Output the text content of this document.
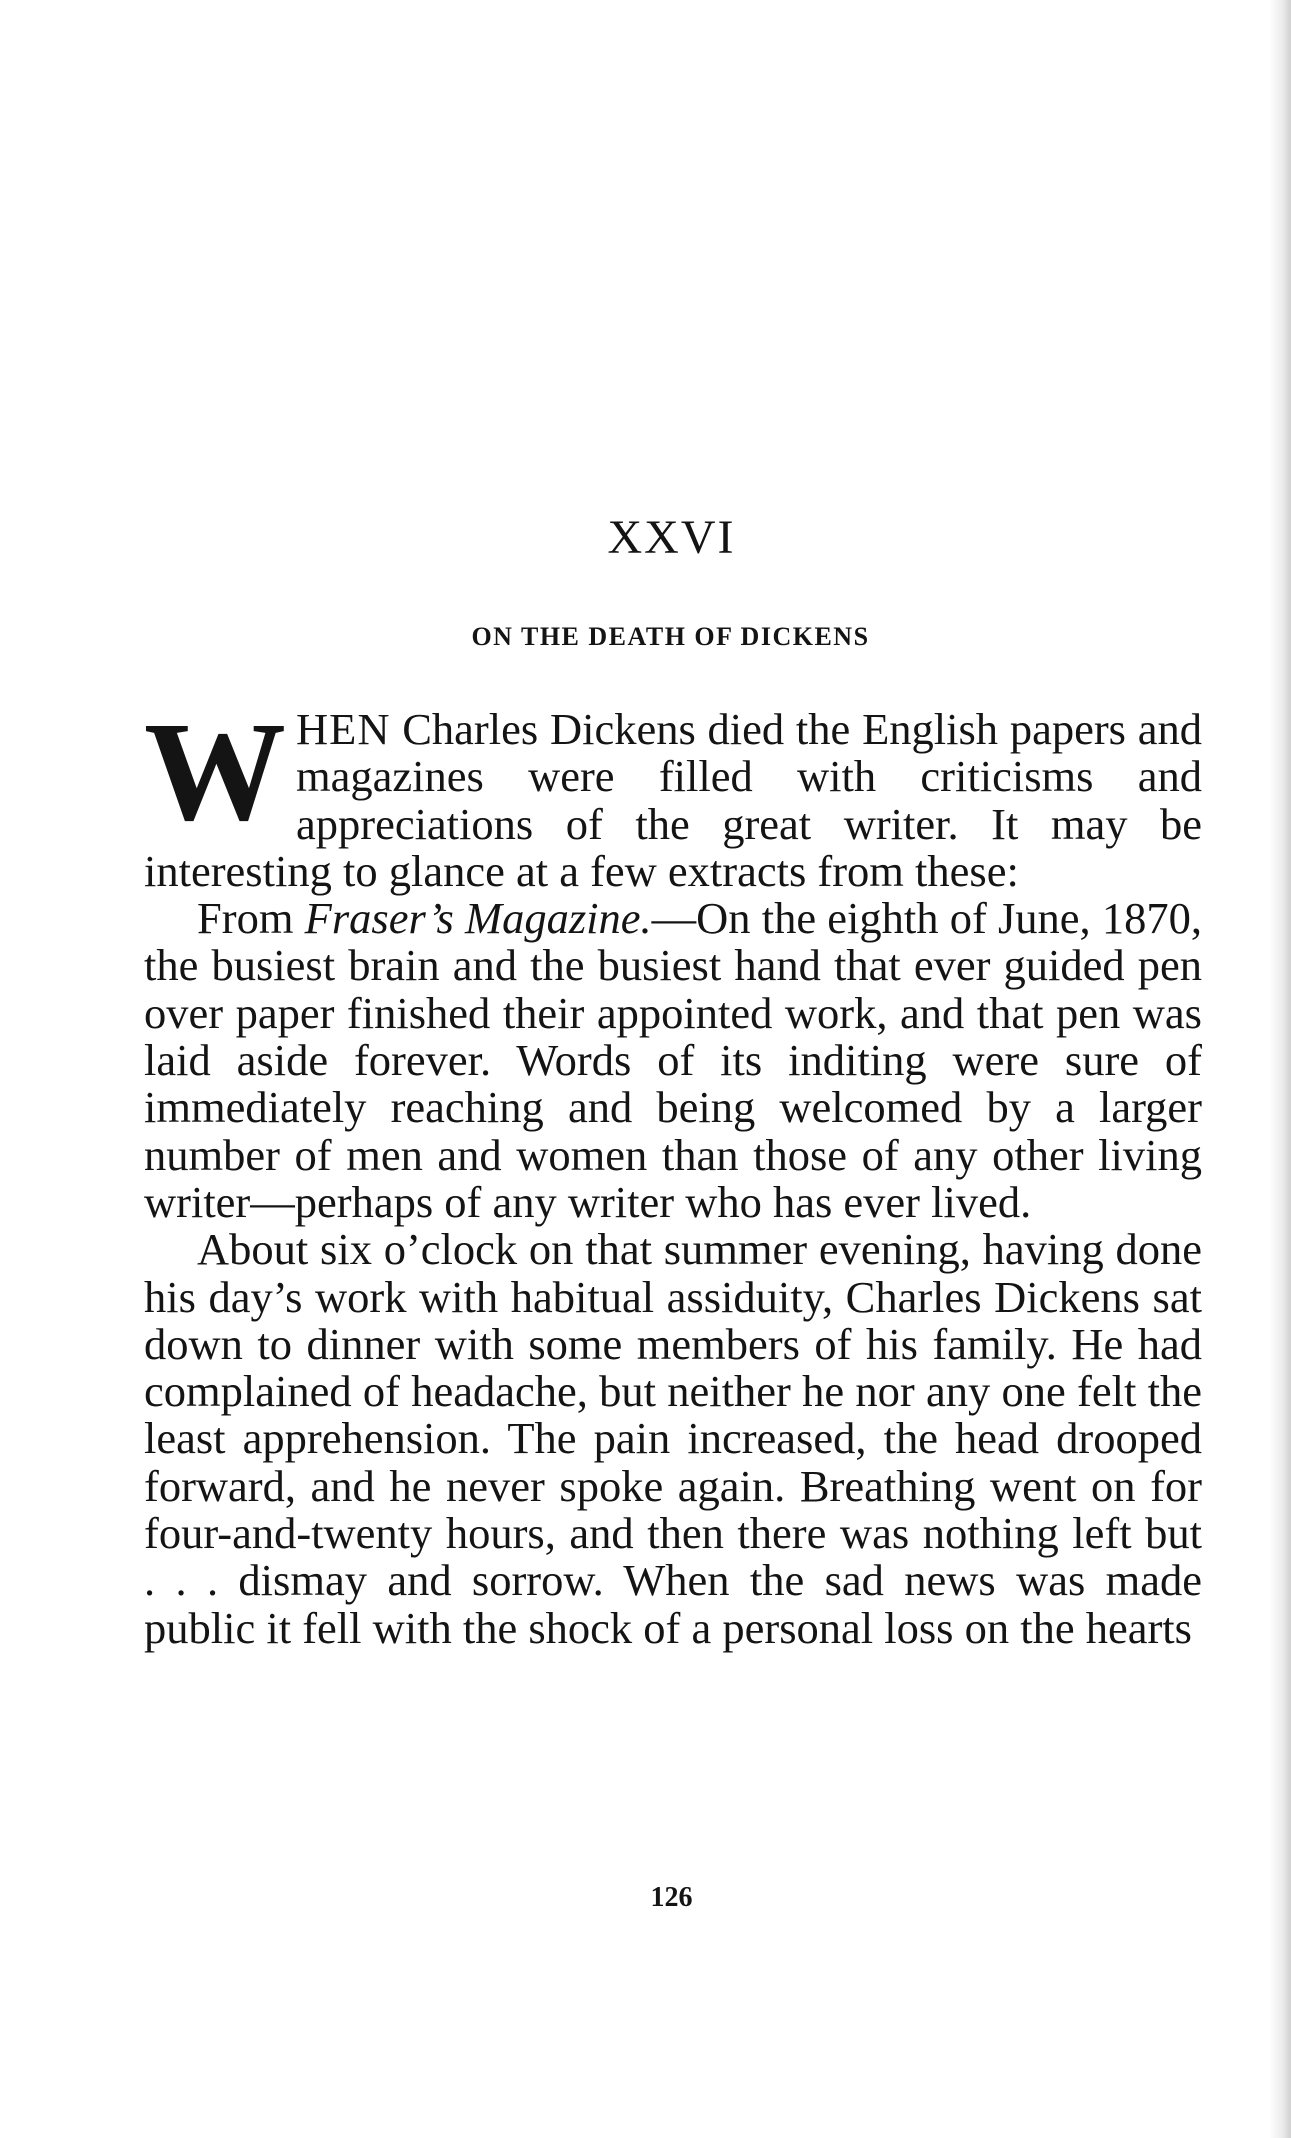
XXVI
ON THE DEATH OF DICKENS

WHEN Charles Dickens died the English papers and magazines were filled with criticisms and appreciations of the great writer. It may be interesting to glance at a few extracts from these:

From Fraser’s Magazine.—On the eighth of June, 1870, the busiest brain and the busiest hand that ever guided pen over paper finished their appointed work, and that pen was laid aside forever. Words of its inditing were sure of immediately reaching and being welcomed by a larger number of men and women than those of any other living writer—perhaps of any writer who has ever lived.

About six o’clock on that summer evening, having done his day’s work with habitual assiduity, Charles Dickens sat down to dinner with some members of his family. He had complained of headache, but neither he nor any one felt the least apprehension. The pain increased, the head drooped forward, and he never spoke again. Breathing went on for four-and-twenty hours, and then there was nothing left but . . . dismay and sorrow. When the sad news was made public it fell with the shock of a personal loss on the hearts

126
